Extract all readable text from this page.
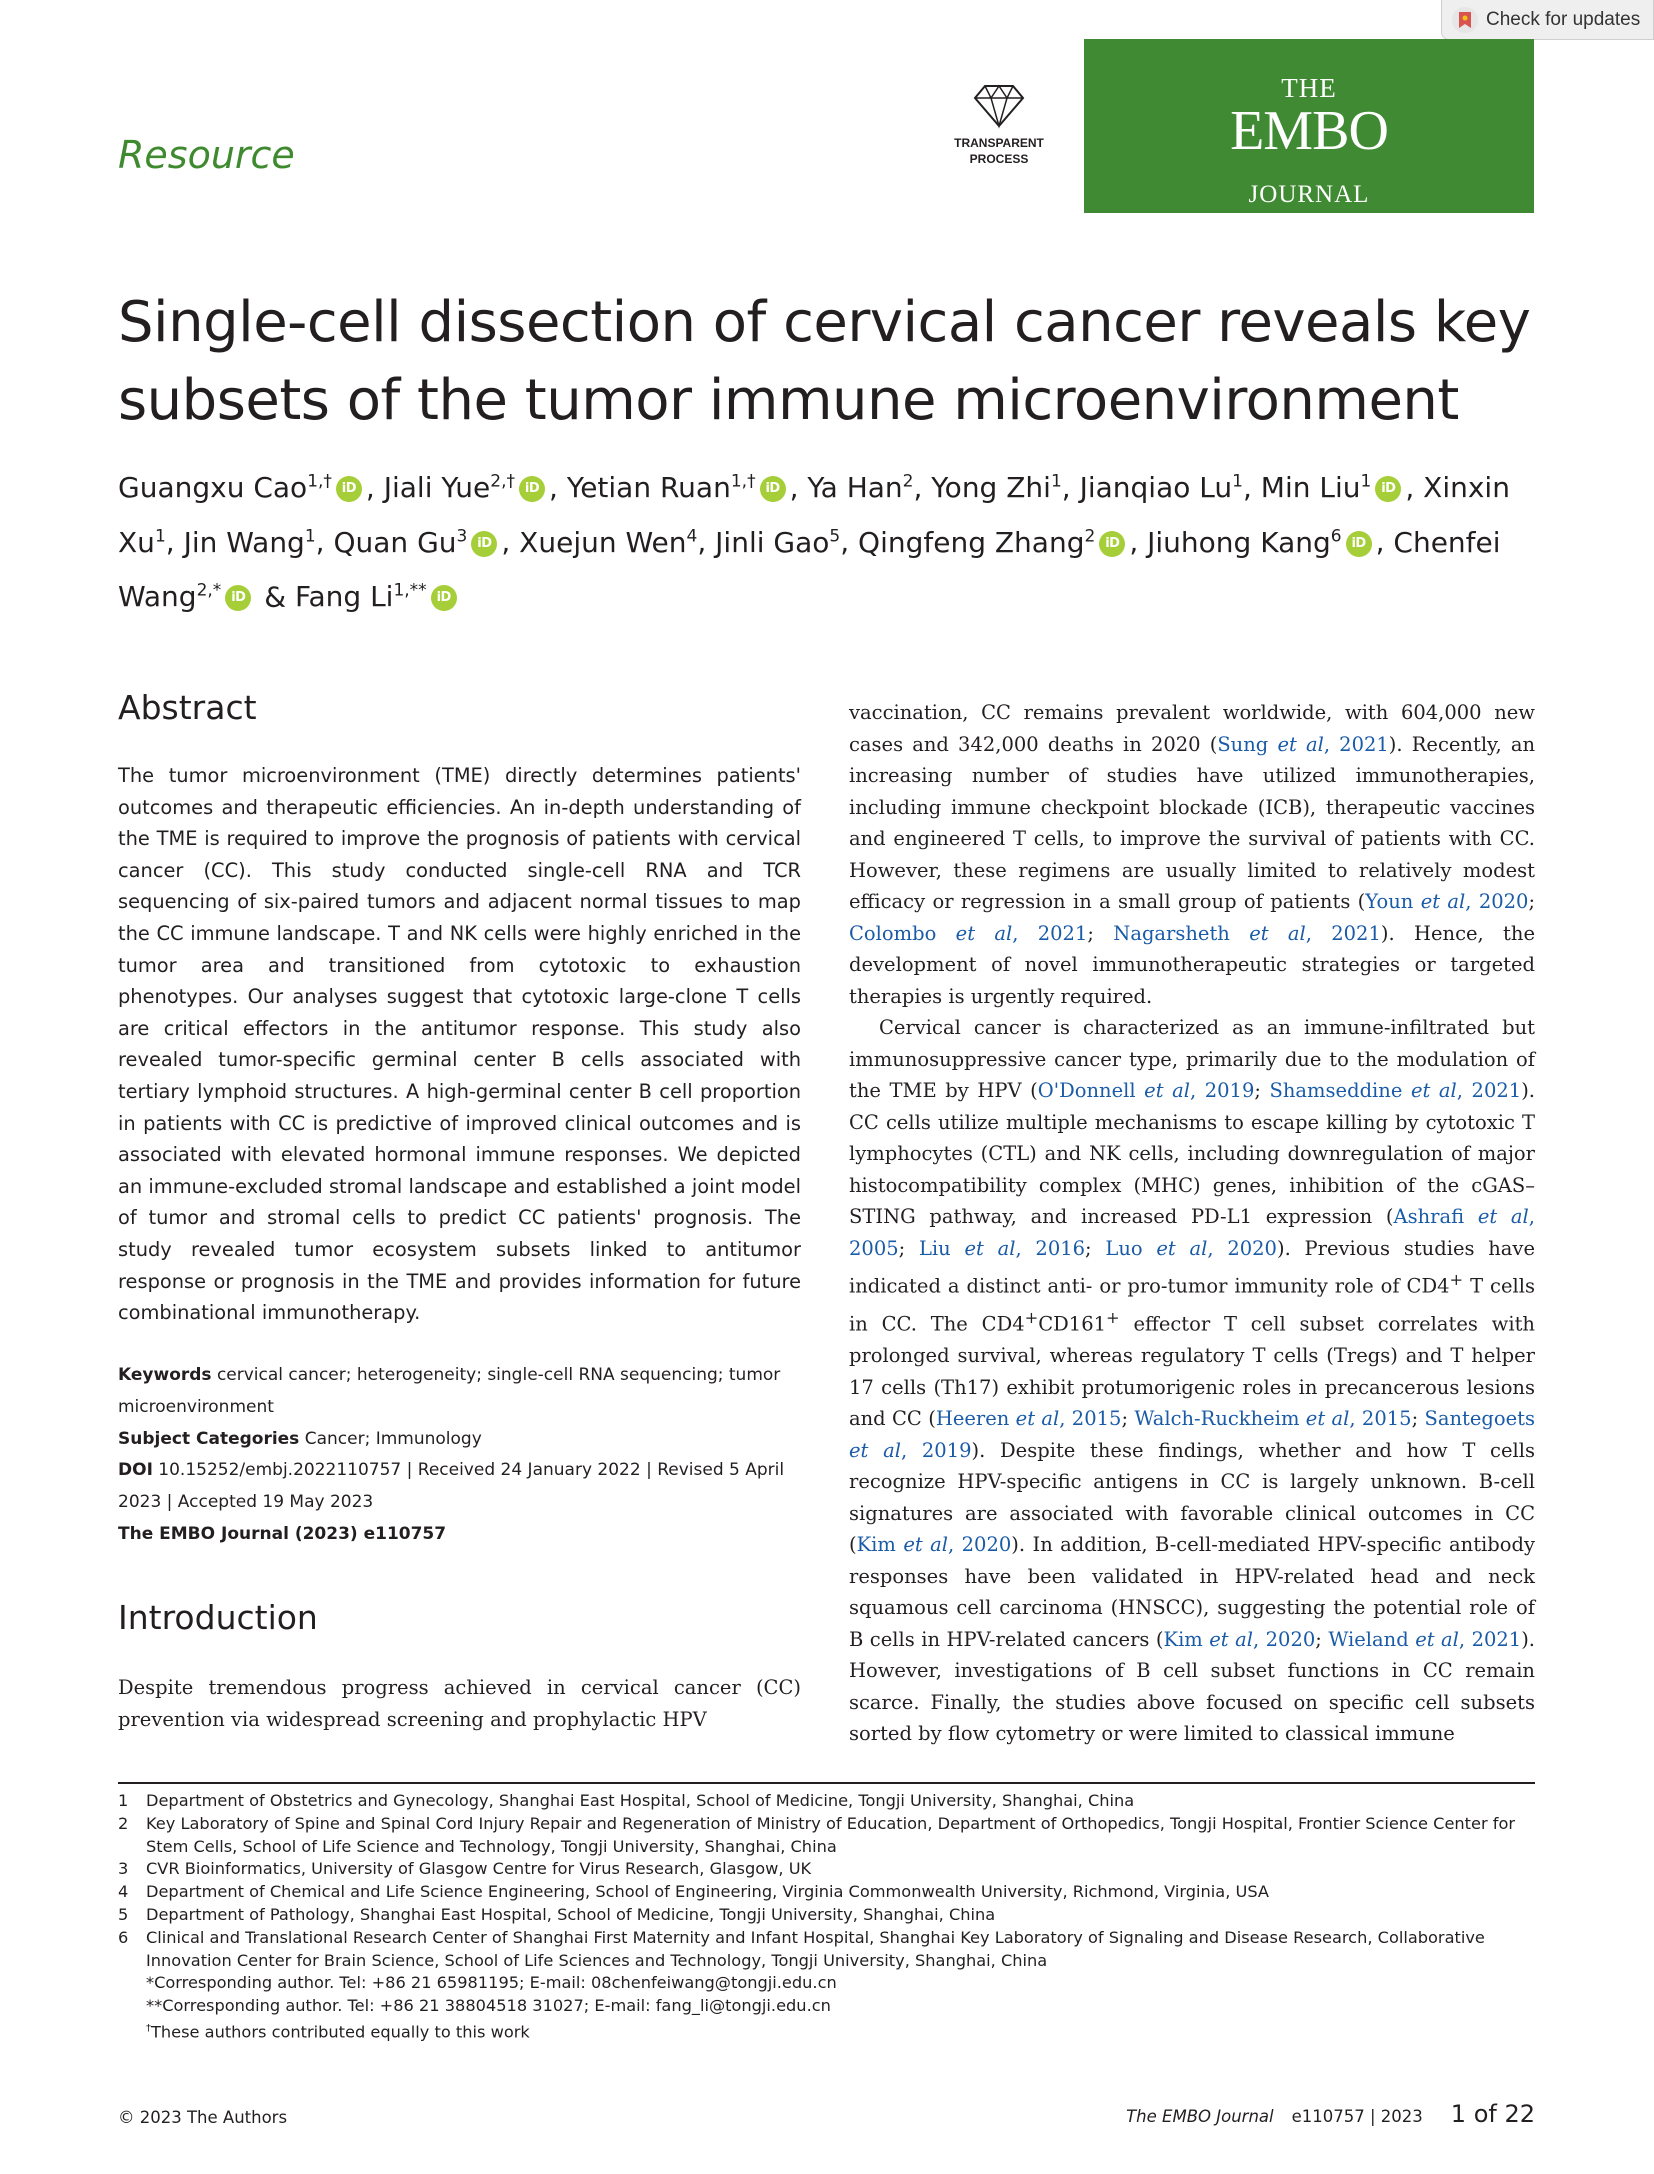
Check for updates
Resource	TRANSPARENT
PROCESS
THE
EMBO
JOURNAL
Single-cell dissection of cervical cancer reveals key subsets of the tumor immune microenvironment
Guangxu Cao$^{1,\dagger}$ iD , Jiali Yue$^{2,\dagger}$ iD , Yetian Ruan$^{1,\dagger}$ iD , Ya Han$^2$, Yong Zhi$^1$, Jianqiao Lu$^1$, Min Liu$^1$ iD , Xinxin Xu$^1$, Jin Wang$^1$, Quan Gu$^3$ iD , Xuejun Wen$^4$, Jinli Gao$^5$, Qingfeng Zhang$^2$ iD , Jiuhong Kang$^6$ iD , Chenfei Wang$^{2,*}$ iD & Fang $Li^{1,**}$ iD
Abstract

The tumor microenvironment (TME) directly determines patients' outcomes and therapeutic efficiencies. An in-depth understanding of the TME is required to improve the prognosis of patients with cervical cancer (CC). This study conducted single-cell RNA and TCR sequencing of six-paired tumors and adjacent normal tissues to map the CC immune landscape. T and NK cells were highly enriched in the tumor area and transitioned from cytotoxic to exhaustion phenotypes. Our analyses suggest that cytotoxic large-clone T cells are critical effectors in the antitumor response. This study also revealed tumor-specific germinal center B cells associated with tertiary lymphoid structures. A high-germinal center B cell proportion in patients with CC is predictive of improved clinical outcomes and is associated with elevated hormonal immune responses. We depicted an immune-excluded stromal landscape and established a joint model of tumor and stromal cells to predict CC patients' prognosis. The study revealed tumor ecosystem subsets linked to antitumor response or prognosis in the TME and provides information for future combinational immunotherapy.

Keywords cervical cancer; heterogeneity; single-cell RNA sequencing; tumor microenvironment
Subject Categories Cancer; Immunology
DOI 10.15252/embj.2022110757 | Received 24 January 2022 | Revised 5 April 2023 | Accepted 19 May 2023
The EMBO Journal (2023) e110757
Introduction

Despite tremendous progress achieved in cervical cancer (CC) prevention via widespread screening and prophylactic HPV

vaccination, CC remains prevalent worldwide, with 604,000 new cases and 342,000 deaths in 2020 (Sung et al, 2021). Recently, an increasing number of studies have utilized immunotherapies, including immune checkpoint blockade (ICB), therapeutic vaccines and engineered T cells, to improve the survival of patients with CC. However, these regimens are usually limited to relatively modest efficacy or regression in a small group of patients (Youn et al, 2020; Colombo et al, 2021; Nagarsheth et al, 2021). Hence, the development of novel immunotherapeutic strategies or targeted therapies is urgently required.

Cervical cancer is characterized as an immune-infiltrated but immunosuppressive cancer type, primarily due to the modulation of the TME by HPV (O'Donnell et al, 2019; Shamseddine et al, 2021). CC cells utilize multiple mechanisms to escape killing by cytotoxic T lymphocytes (CTL) and NK cells, including downregulation of major histocompatibility complex (MHC) genes, inhibition of the cGAS–STING pathway, and increased PD-L1 expression (Ashrafi et al, 2005; Liu et al, 2016; Luo et al, 2020). Previous studies have indicated a distinct anti- or pro-tumor immunity role of CD4+ T cells in CC. The CD4+CD161+ effector T cell subset correlates with prolonged survival, whereas regulatory T cells (Tregs) and T helper 17 cells (Th17) exhibit protumorigenic roles in precancerous lesions and CC (Heeren et al, 2015; Walch-Ruckheim et al, 2015; Santegoets et al, 2019). Despite these findings, whether and how T cells recognize HPV-specific antigens in CC is largely unknown. B-cell signatures are associated with favorable clinical outcomes in CC (Kim et al, 2020). In addition, B-cell-mediated HPV-specific antibody responses have been validated in HPV-related head and neck squamous cell carcinoma (HNSCC), suggesting the potential role of B cells in HPV-related cancers (Kim et al, 2020; Wieland et al, 2021). However, investigations of B cell subset functions in CC remain scarce. Finally, the studies above focused on specific cell subsets sorted by flow cytometry or were limited to classical immune

1	Department of Obstetrics and Gynecology, Shanghai East Hospital, School of Medicine, Tongji University, Shanghai, China
2	Key Laboratory of Spine and Spinal Cord Injury Repair and Regeneration of Ministry of Education, Department of Orthopedics, Tongji Hospital, Frontier Science Center for Stem Cells, School of Life Science and Technology, Tongji University, Shanghai, China
3	CVR Bioinformatics, University of Glasgow Centre for Virus Research, Glasgow, UK
4	Department of Chemical and Life Science Engineering, School of Engineering, Virginia Commonwealth University, Richmond, Virginia, USA
5	Department of Pathology, Shanghai East Hospital, School of Medicine, Tongji University, Shanghai, China
6	Clinical and Translational Research Center of Shanghai First Maternity and Infant Hospital, Shanghai Key Laboratory of Signaling and Disease Research, Collaborative Innovation Center for Brain Science, School of Life Sciences and Technology, Tongji University, Shanghai, China
*Corresponding author. Tel: +86 21 65981195; E-mail: 08chenfeiwang@tongji.edu.cn
**Corresponding author. Tel: +86 21 38804518 31027; E-mail: fang_li@tongji.edu.cn
†These authors contributed equally to this work
© 2023 The Authors	The EMBO Journal e110757 | 2023 1 of 22
